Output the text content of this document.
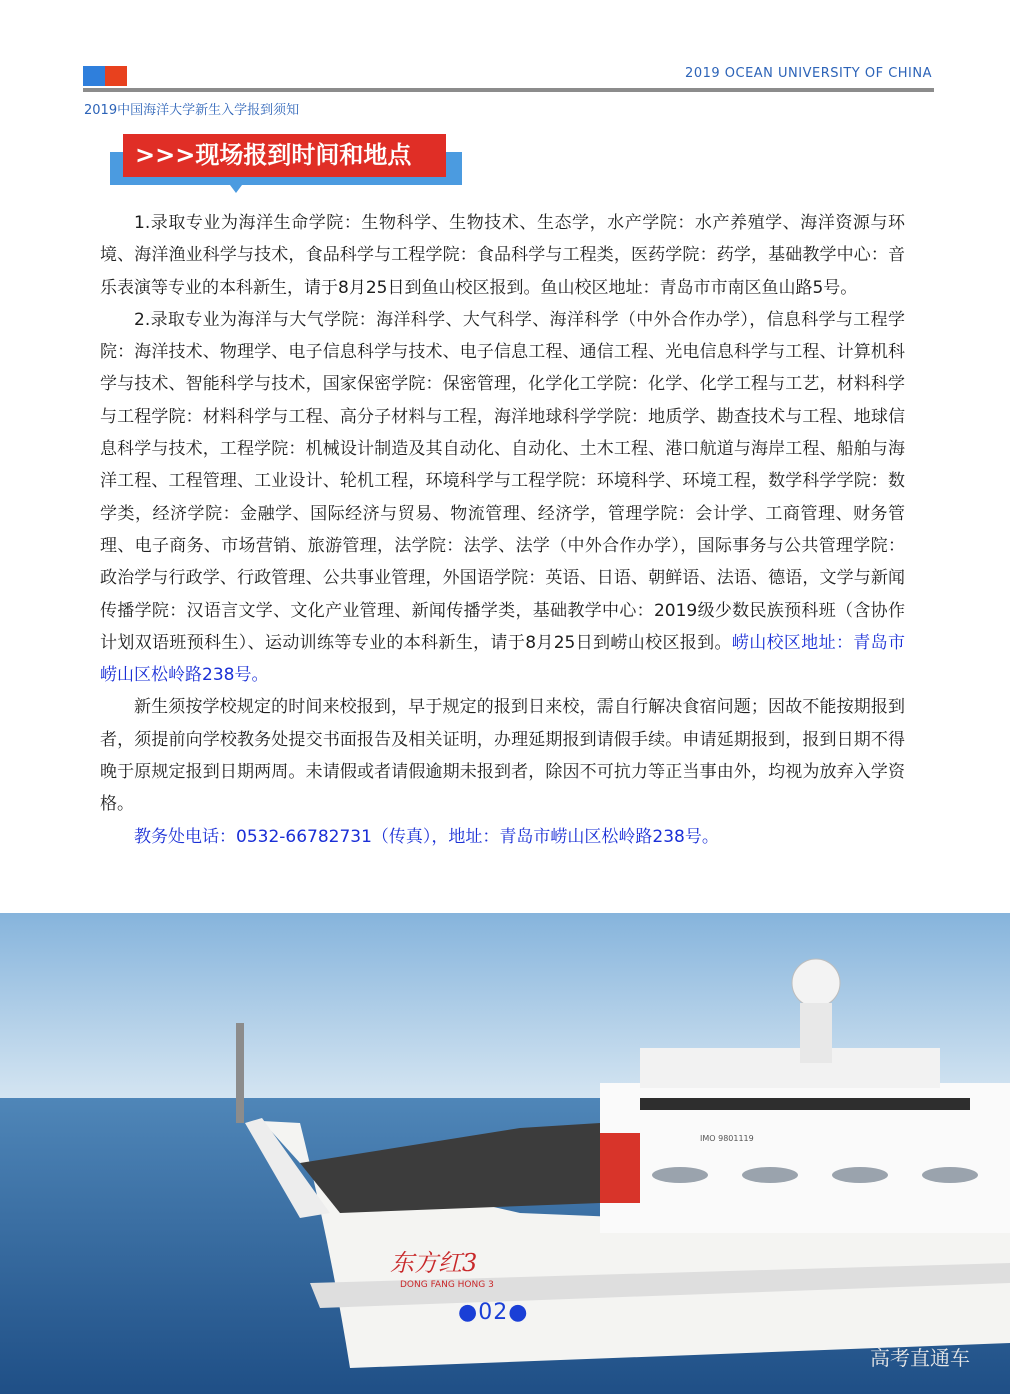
2019 OCEAN UNIVERSITY OF CHINA
2019中国海洋大学新生入学报到须知
>>>现场报到时间和地点

1.录取专业为海洋生命学院：生物科学、生物技术、生态学，水产学院：水产养殖学、海洋资源与环境、海洋渔业科学与技术，食品科学与工程学院：食品科学与工程类，医药学院：药学，基础教学中心：音乐表演等专业的本科新生，请于8月25日到鱼山校区报到。鱼山校区地址：青岛市市南区鱼山路5号。

2.录取专业为海洋与大气学院：海洋科学、大气科学、海洋科学（中外合作办学），信息科学与工程学院：海洋技术、物理学、电子信息科学与技术、电子信息工程、通信工程、光电信息科学与工程、计算机科学与技术、智能科学与技术，国家保密学院：保密管理，化学化工学院：化学、化学工程与工艺，材料科学与工程学院：材料科学与工程、高分子材料与工程，海洋地球科学学院：地质学、勘查技术与工程、地球信息科学与技术，工程学院：机械设计制造及其自动化、自动化、土木工程、港口航道与海岸工程、船舶与海洋工程、工程管理、工业设计、轮机工程，环境科学与工程学院：环境科学、环境工程，数学科学学院：数学类，经济学院：金融学、国际经济与贸易、物流管理、经济学，管理学院：会计学、工商管理、财务管理、电子商务、市场营销、旅游管理，法学院：法学、法学（中外合作办学），国际事务与公共管理学院：政治学与行政学、行政管理、公共事业管理，外国语学院：英语、日语、朝鲜语、法语、德语，文学与新闻传播学院：汉语言文学、文化产业管理、新闻传播学类，基础教学中心：2019级少数民族预科班（含协作计划双语班预科生）、运动训练等专业的本科新生，请于8月25日到崂山校区报到。崂山校区地址：青岛市崂山区松岭路238号。

新生须按学校规定的时间来校报到，早于规定的报到日来校，需自行解决食宿问题；因故不能按期报到者，须提前向学校教务处提交书面报告及相关证明，办理延期报到请假手续。申请延期报到，报到日期不得晚于原规定报到日期两周。未请假或者请假逾期未报到者，除因不可抗力等正当事由外，均视为放弃入学资格。

教务处电话：0532-66782731（传真），地址：青岛市崂山区松岭路238号。

东方红3
DONG FANG HONG 3
IMO 9801119
●02●
高考直通车
